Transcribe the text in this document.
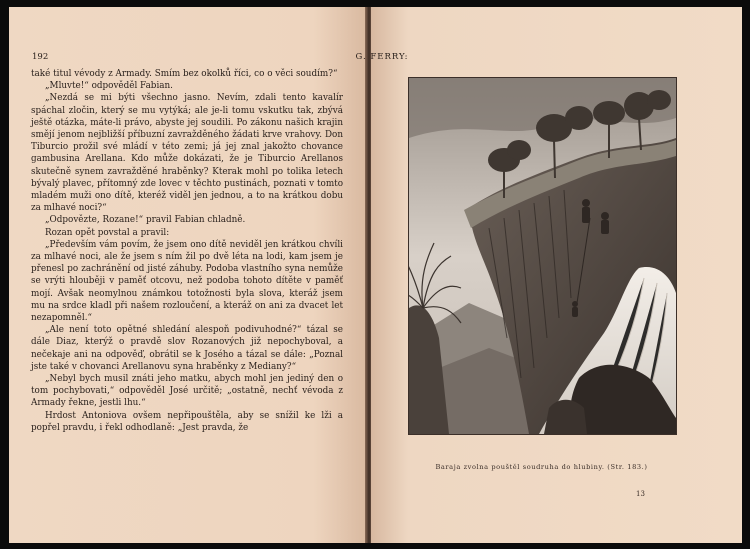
192	G. FERRY:

také titul vévody z Armady. Smím bez okolků říci, co o věci soudím?“

„Mluvte!“ odpověděl Fabian.

„Nezdá se mi býti všechno jasno. Nevím, zdali tento kavalír spáchal zločin, který se mu vytýká; ale je-li tomu vskutku tak, zbývá ještě otázka, máte-li právo, abyste jej soudili. Po zákonu našich krajin smějí jenom nejbližší příbuzní zavražděného žádati krve vrahovy. Don Tiburcio prožil své mládí v této zemi; já jej znal jakožto chovance gambusina Arellana. Kdo může dokázati, že je Tiburcio Arellanos skutečně synem zavražděné hraběnky? Kterak mohl po tolika letech bývalý plavec, přítomný zde lovec v těchto pustinách, poznati v tomto mladém muži ono dítě, kteréž viděl jen jednou, a to na krátkou dobu za mlhavé noci?“

„Odpovězte, Rozane!“ pravil Fabian chladně.

Rozan opět povstal a pravil:

„Především vám povím, že jsem ono dítě neviděl jen krátkou chvíli za mlhavé noci, ale že jsem s ním žil po dvě léta na lodi, kam jsem je přenesl po zachránění od jisté záhuby. Podoba vlastního syna nemůže se vrýti hlouběji v paměť otcovu, než podoba tohoto dítěte v paměť mojí. Avšak neomylnou známkou totožnosti byla slova, kteráž jsem mu na srdce kladl při našem rozloučení, a kteráž on ani za dvacet let nezapomněl.“

„Ale není toto opětné shledání alespoň podivuhodné?“ tázal se dále Diaz, kterýž o pravdě slov Rozanových již nepochyboval, a nečekaje ani na odpověď, obrátil se k Josého a tázal se dále: „Poznal jste také v chovanci Arellanovu syna hraběnky z Mediany?“

„Nebyl bych musil znáti jeho matku, abych mohl jen jediný den o tom pochybovati,“ odpověděl José určitě; „ostatně, nechť vévoda z Armady řekne, jestli lhu.“

Hrdost Antoniova ovšem nepřipouštěla, aby se snížil ke lži a popřel pravdu, i řekl odhodlaně: „Jest pravda, že

Baraja zvolna pouštěl soudruha do hlubiny. (Str. 183.)
13
